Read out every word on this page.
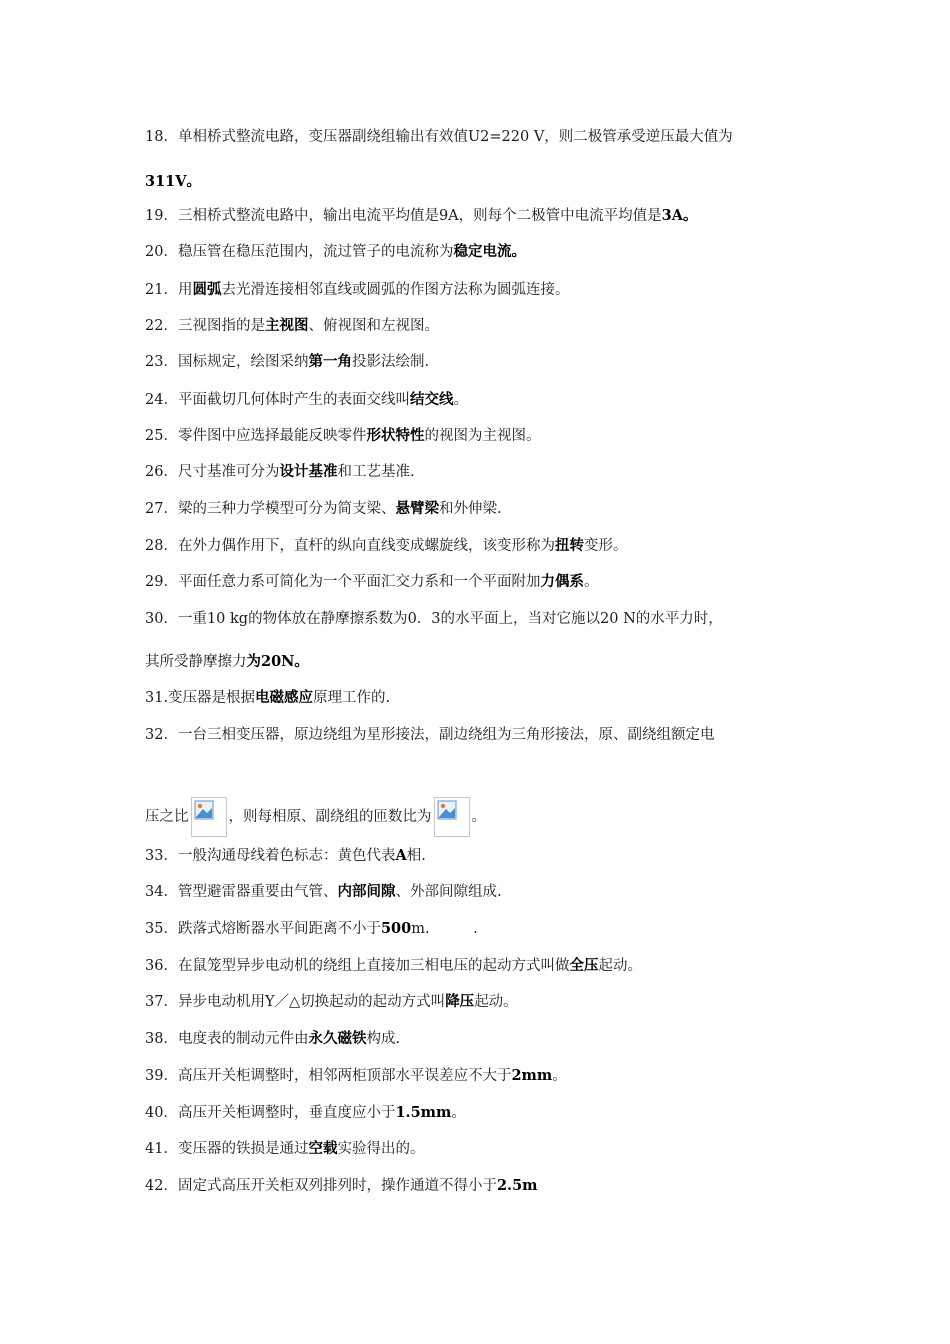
18．单相桥式整流电路，变压器副绕组输出有效值U2=220 V，则二极管承受逆压最大值为
311V。
19．三相桥式整流电路中，输出电流平均值是9A，则每个二极管中电流平均值是3A。
20．稳压管在稳压范围内，流过管子的电流称为稳定电流。
21．用圆弧去光滑连接相邻直线或圆弧的作图方法称为圆弧连接。
22．三视图指的是主视图、俯视图和左视图。
23．国标规定，绘图采纳第一角投影法绘制.
24．平面截切几何体时产生的表面交线叫结交线。
25．零件图中应选择最能反映零件形状特性的视图为主视图。
26．尺寸基准可分为设计基准和工艺基准.
27．梁的三种力学模型可分为简支梁、悬臂梁和外伸梁.
28．在外力偶作用下，直杆的纵向直线变成螺旋线，该变形称为扭转变形。
29．平面任意力系可简化为一个平面汇交力系和一个平面附加力偶系。
30．一重10 kg的物体放在静摩擦系数为0．3的水平面上，当对它施以20 N的水平力时，
其所受静摩擦力为20N。
31.变压器是根据电磁感应原理工作的.
32．一台三相变压器，原边绕组为星形接法，副边绕组为三角形接法，原、副绕组额定电
压之比	，则每相原、副绕组的匝数比为	。
33．一般沟通母线着色标志：黄色代表A相.
34．管型避雷器重要由气管、内部间隙、外部间隙组成.
35．跌落式熔断器水平间距离不小于500m.　　　.
36．在鼠笼型异步电动机的绕组上直接加三相电压的起动方式叫做全压起动。
37．异步电动机用Y／△切换起动的起动方式叫降压起动。
38．电度表的制动元件由永久磁铁构成.
39．高压开关柜调整时，相邻两柜顶部水平误差应不大于2mm。
40．高压开关柜调整时，垂直度应小于1.5mm。
41．变压器的铁损是通过空载实验得出的。
42．固定式高压开关柜双列排列时，操作通道不得小于2.5m
